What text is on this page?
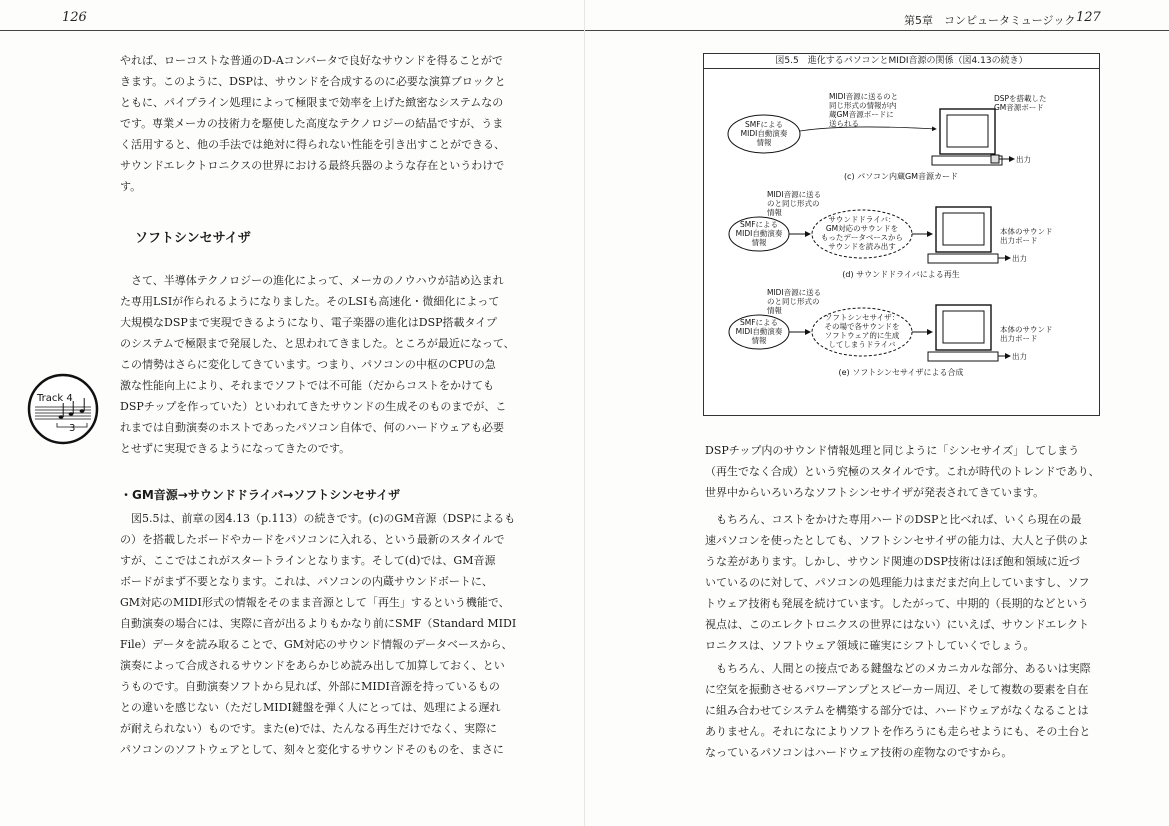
126

やれば、ローコストな普通のD-Aコンバータで良好なサウンドを得ることがで

きます。このように、DSPは、サウンドを合成するのに必要な演算ブロックと

ともに、パイプライン処理によって極限まで効率を上げた緻密なシステムなの

です。専業メーカの技術力を駆使した高度なテクノロジーの結晶ですが、うま

く活用すると、他の手法では絶対に得られない性能を引き出すことができる、

サウンドエレクトロニクスの世界における最終兵器のような存在というわけで

す。

ソフトシンセサイザ

さて、半導体テクノロジーの進化によって、メーカのノウハウが詰め込まれ

た専用LSIが作られるようになりました。そのLSIも高速化・微細化によって

大規模なDSPまで実現できるようになり、電子楽器の進化はDSP搭載タイプ

のシステムで極限まで発展した、と思われてきました。ところが最近になって、

この情勢はさらに変化してきています。つまり、パソコンの中枢のCPUの急

激な性能向上により、それまでソフトでは不可能（だからコストをかけても

DSPチップを作っていた）といわれてきたサウンドの生成そのものまでが、こ

れまでは自動演奏のホストであったパソコン自体で、何のハードウェアも必要

とせずに実現できるようになってきたのです。

・GM音源→サウンドドライバ→ソフトシンセサイザ

図5.5は、前章の図4.13（p.113）の続きです。(c)のGM音源（DSPによるも

の）を搭載したボードやカードをパソコンに入れる、という最新のスタイルで

すが、ここではこれがスタートラインとなります。そして(d)では、GM音源

ボードがまず不要となります。これは、パソコンの内蔵サウンドボートに、

GM対応のMIDI形式の情報をそのまま音源として「再生」するという機能で、

自動演奏の場合には、実際に音が出るよりもかなり前にSMF（Standard MIDI

File）データを読み取ることで、GM対応のサウンド情報のデータベースから、

演奏によって合成されるサウンドをあらかじめ読み出して加算しておく、とい

うものです。自動演奏ソフトから見れば、外部にMIDI音源を持っているもの

との違いを感じない（ただしMIDI鍵盤を弾く人にとっては、処理による遅れ

が耐えられない）ものです。また(e)では、たんなる再生だけでなく、実際に

パソコンのソフトウェアとして、刻々と変化するサウンドそのものを、まさに

Track 4
3
第5章　コンピュータミュージック 127
図5.5　進化するパソコンとMIDI音源の関係（図4.13の続き）
SMFによる
MIDI自動演奏
情報
MIDI音源に送るのと
同じ形式の情報が内
蔵GM音源ボードに
送られる
DSPを搭載した
GM音源ボード
出力
(c) パソコン内蔵GM音源カード
MIDI音源に送る
のと同じ形式の
情報
SMFによる
MIDI自動演奏
情報
サウンドドライバ：
GM対応のサウンドを
もったデータベースから
サウンドを読み出す
本体のサウンド
出力ボード
出力
(d) サウンドドライバによる再生
MIDI音源に送る
のと同じ形式の
情報
SMFによる
MIDI自動演奏
情報
ソフトシンセサイザ：
その場で各サウンドを
ソフトウェア的に生成
してしまうドライバ
本体のサウンド
出力ボード
出力
(e) ソフトシンセサイザによる合成

DSPチップ内のサウンド情報処理と同じように「シンセサイズ」してしまう

（再生でなく合成）という究極のスタイルです。これが時代のトレンドであり、

世界中からいろいろなソフトシンセサイザが発表されてきています。

もちろん、コストをかけた専用ハードのDSPと比べれば、いくら現在の最

速パソコンを使ったとしても、ソフトシンセサイザの能力は、大人と子供のよ

うな差があります。しかし、サウンド関連のDSP技術はほぼ飽和領域に近づ

いているのに対して、パソコンの処理能力はまだまだ向上していますし、ソフ

トウェア技術も発展を続けています。したがって、中期的（長期的などという

視点は、このエレクトロニクスの世界にはない）にいえば、サウンドエレクト

ロニクスは、ソフトウェア領域に確実にシフトしていくでしょう。

もちろん、人間との接点である鍵盤などのメカニカルな部分、あるいは実際

に空気を振動させるパワーアンプとスピーカー周辺、そして複数の要素を自在

に組み合わせてシステムを構築する部分では、ハードウェアがなくなることは

ありません。それになによりソフトを作ろうにも走らせようにも、その土台と

なっているパソコンはハードウェア技術の産物なのですから。
